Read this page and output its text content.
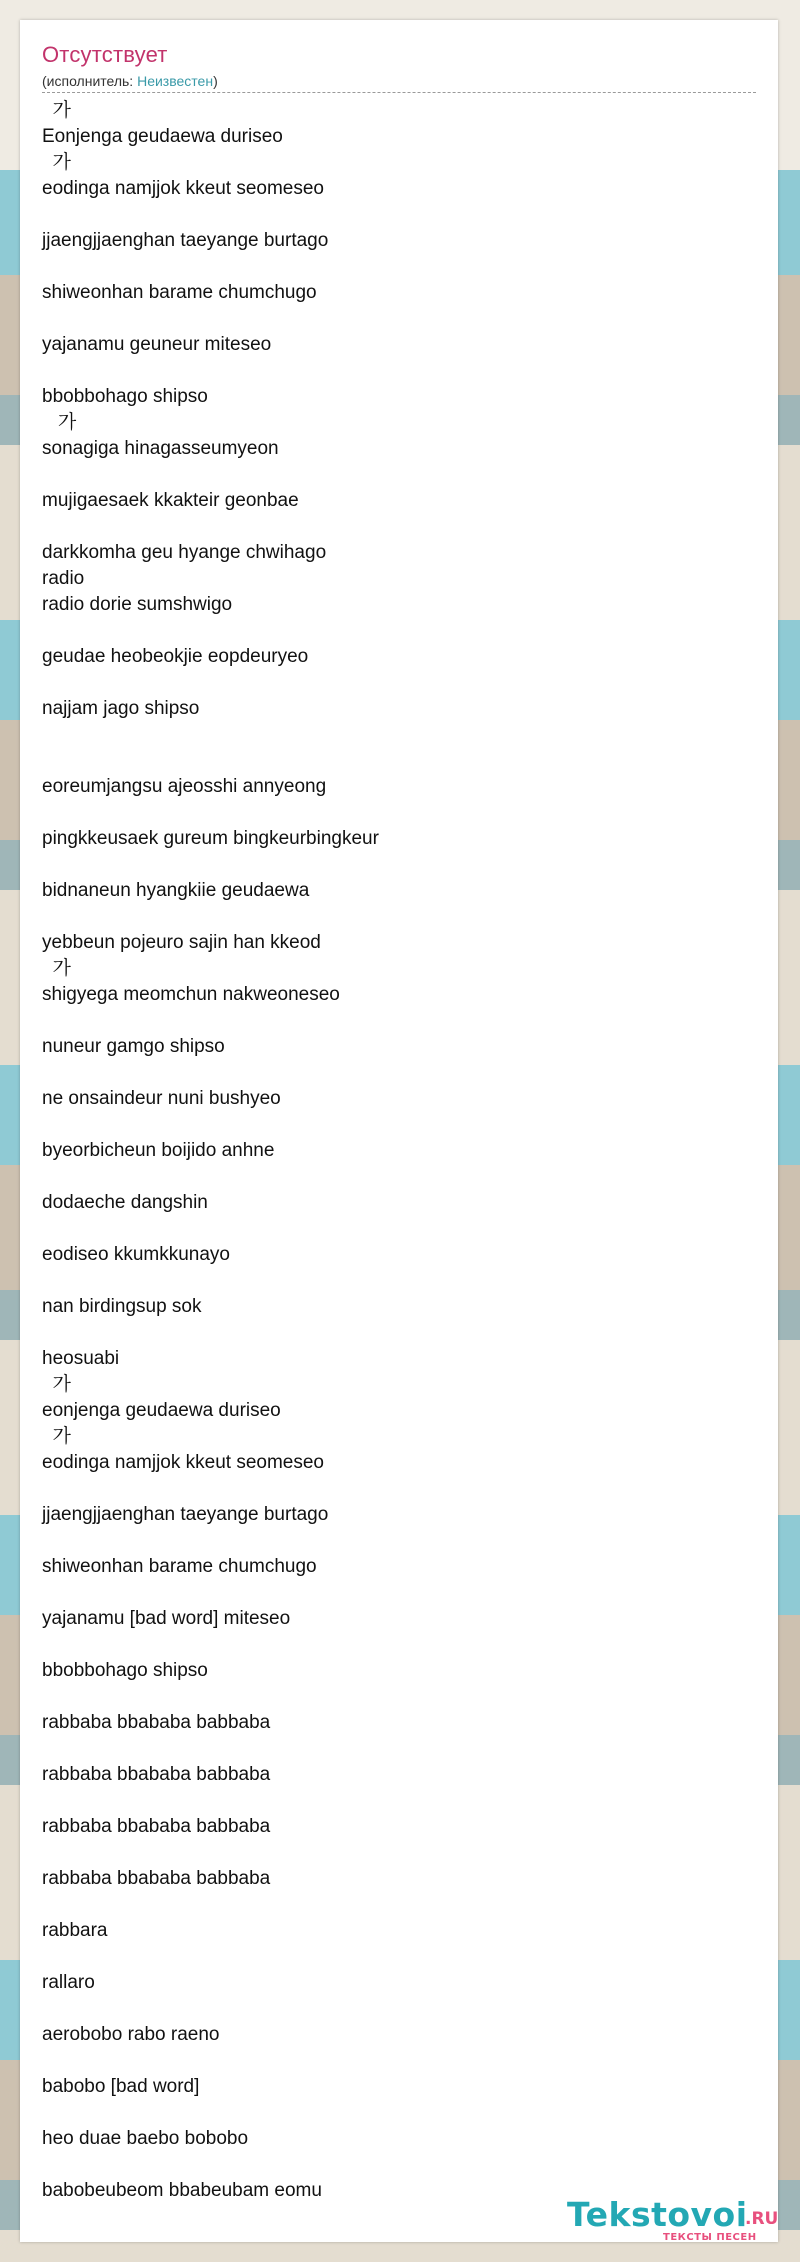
Отсутствует
(исполнитель: Неизвестен)
가
Eonjenga geudaewa duriseo
가
eodinga namjjok kkeut seomeseo
jjaengjjaenghan taeyange burtago
shiweonhan barame chumchugo
yajanamu geuneur miteseo
bbobbohago shipso
가
sonagiga hinagasseumyeon
mujigaesaek kkakteir geonbae
darkkomha geu hyange chwihago
radio
radio dorie sumshwigo
geudae heobeokjie eopdeuryeo
najjam jago shipso
eoreumjangsu ajeosshi annyeong
pingkkeusaek gureum bingkeurbingkeur
bidnaneun hyangkiie geudaewa
yebbeun pojeuro sajin han kkeod
가
shigyega meomchun nakweoneseo
nuneur gamgo shipso
ne onsaindeur nuni bushyeo
byeorbicheun boijido anhne
dodaeche dangshin
eodiseo kkumkkunayo
nan birdingsup sok
heosuabi
가
eonjenga geudaewa duriseo
가
eodinga namjjok kkeut seomeseo
jjaengjjaenghan taeyange burtago
shiweonhan barame chumchugo
yajanamu [bad word] miteseo
bbobbohago shipso
rabbaba bbababa babbaba
rabbaba bbababa babbaba
rabbaba bbababa babbaba
rabbaba bbababa babbaba
rabbara
rallaro
aerobobo rabo raeno
babobo [bad word]
heo duae baebo bobobo
babobeubeom bbabeubam eomu
Tekstovoi
.RU
ТЕКСТЫ ПЕСЕН
